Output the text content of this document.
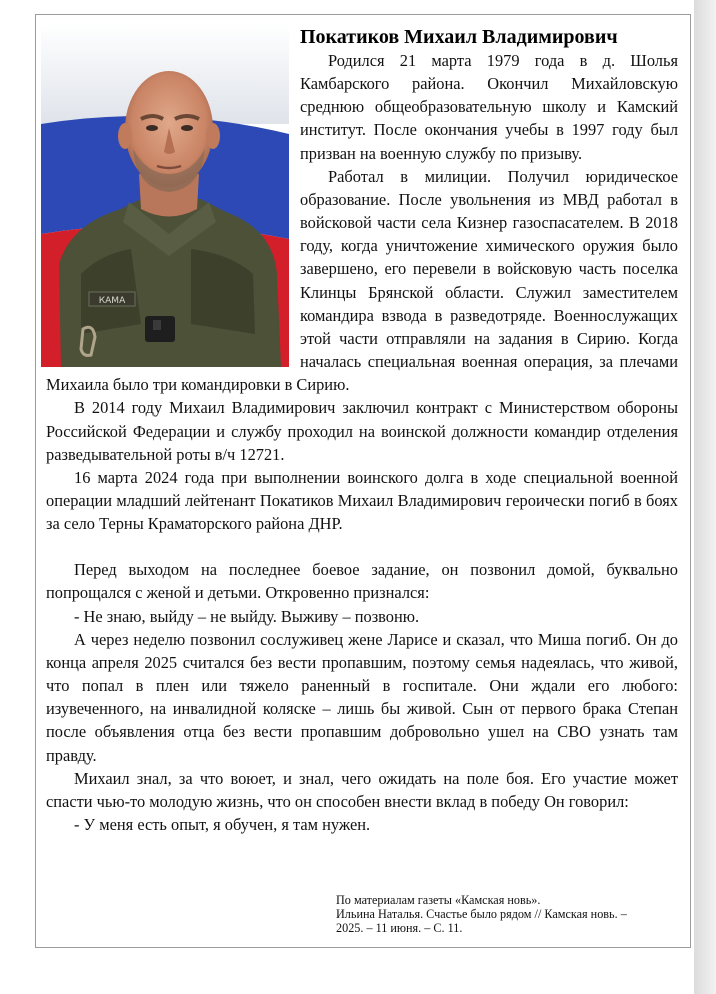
КАМА
Покатиков Михаил Владимирович

Родился 21 марта 1979 года в д. Шолья Камбарского района. Окончил Михайловскую среднюю общеобразовательную школу и Камский институт. После окончания учебы в 1997 году был призван на военную службу по призыву.

Работал в милиции. Получил юридическое образование. После увольнения из МВД работал в войсковой части села Кизнер газоспасателем. В 2018 году, когда уничтожение химического оружия было завершено, его перевели в войсковую часть поселка Клинцы Брянской области. Служил заместителем командира взвода в разведотряде. Военнослужащих этой части отправляли на задания в Сирию. Когда началась специальная военная операция, за плечами Михаила было три командировки в Сирию.

В 2014 году Михаил Владимирович заключил контракт с Министерством обороны Российской Федерации и службу проходил на воинской должности командир отделения разведывательной роты в/ч 12721.

16 марта 2024 года при выполнении воинского долга в ходе специальной военной операции младший лейтенант Покатиков Михаил Владимирович героически погиб в боях за село Терны Краматорского района ДНР.

Перед выходом на последнее боевое задание, он позвонил домой, буквально попрощался с женой и детьми. Откровенно признался:

- Не знаю, выйду – не выйду. Выживу – позвоню.

А через неделю позвонил сослуживец жене Ларисе и сказал, что Миша погиб. Он до конца апреля 2025 считался без вести пропавшим, поэтому семья надеялась, что живой, что попал в плен или тяжело раненный в госпитале. Они ждали его любого: изувеченного, на инвалидной коляске – лишь бы живой. Сын от первого брака Степан после объявления отца без вести пропавшим добровольно ушел на СВО узнать там правду.

Михаил знал, за что воюет, и знал, чего ожидать на поле боя. Его участие может спасти чью-то молодую жизнь, что он способен внести вклад в победу Он говорил:

- У меня есть опыт, я обучен, я там нужен.

По материалам газеты «Камская новь».

Ильина Наталья. Счастье было рядом // Камская новь. –

2025. – 11 июня. – С. 11.
